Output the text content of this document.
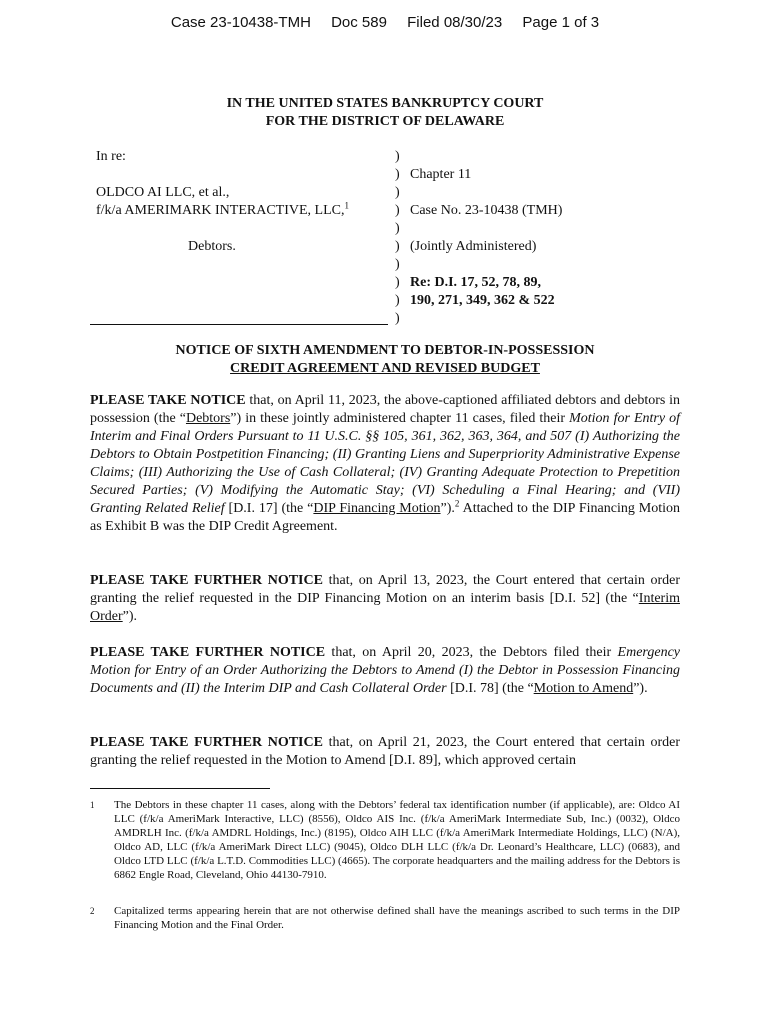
Case 23-10438-TMH Doc 589 Filed 08/30/23 Page 1 of 3
IN THE UNITED STATES BANKRUPTCY COURT
FOR THE DISTRICT OF DELAWARE
In re:
OLDCO AI LLC, et al.,
f/k/a AMERIMARK INTERACTIVE, LLC,$^1$
Debtors.
)
)
)
)
)
)
)
)
)
)
Chapter 11
Case No. 23-10438 (TMH)
(Jointly Administered)
Re: D.I. 17, 52, 78, 89,
190, 271, 349, 362 & 522
NOTICE OF SIXTH AMENDMENT TO DEBTOR-IN-POSSESSION
CREDIT AGREEMENT AND REVISED BUDGET
PLEASE TAKE NOTICE that, on April 11, 2023, the above-captioned affiliated debtors and debtors in possession (the “Debtors”) in these jointly administered chapter 11 cases, filed their Motion for Entry of Interim and Final Orders Pursuant to 11 U.S.C. §§ 105, 361, 362, 363, 364, and 507 (I) Authorizing the Debtors to Obtain Postpetition Financing; (II) Granting Liens and Superpriority Administrative Expense Claims; (III) Authorizing the Use of Cash Collateral; (IV) Granting Adequate Protection to Prepetition Secured Parties; (V) Modifying the Automatic Stay; (VI) Scheduling a Final Hearing; and (VII) Granting Related Relief [D.I. 17] (the “DIP Financing Motion”).$^2$ Attached to the DIP Financing Motion as Exhibit B was the DIP Credit Agreement.
PLEASE TAKE FURTHER NOTICE that, on April 13, 2023, the Court entered that certain order granting the relief requested in the DIP Financing Motion on an interim basis [D.I. 52] (the “Interim Order”).
PLEASE TAKE FURTHER NOTICE that, on April 20, 2023, the Debtors filed their Emergency Motion for Entry of an Order Authorizing the Debtors to Amend (I) the Debtor in Possession Financing Documents and (II) the Interim DIP and Cash Collateral Order [D.I. 78] (the “Motion to Amend”).
PLEASE TAKE FURTHER NOTICE that, on April 21, 2023, the Court entered that certain order granting the relief requested in the Motion to Amend [D.I. 89], which approved certain
1 The Debtors in these chapter 11 cases, along with the Debtors’ federal tax identification number (if applicable), are: Oldco AI LLC (f/k/a AmeriMark Interactive, LLC) (8556), Oldco AIS Inc. (f/k/a AmeriMark Intermediate Sub, Inc.) (0032), Oldco AMDRLH Inc. (f/k/a AMDRL Holdings, Inc.) (8195), Oldco AIH LLC (f/k/a AmeriMark Intermediate Holdings, LLC) (N/A), Oldco AD, LLC (f/k/a AmeriMark Direct LLC) (9045), Oldco DLH LLC (f/k/a Dr. Leonard’s Healthcare, LLC) (0683), and Oldco LTD LLC (f/k/a L.T.D. Commodities LLC) (4665). The corporate headquarters and the mailing address for the Debtors is 6862 Engle Road, Cleveland, Ohio 44130-7910.
2 Capitalized terms appearing herein that are not otherwise defined shall have the meanings ascribed to such terms in the DIP Financing Motion and the Final Order.
